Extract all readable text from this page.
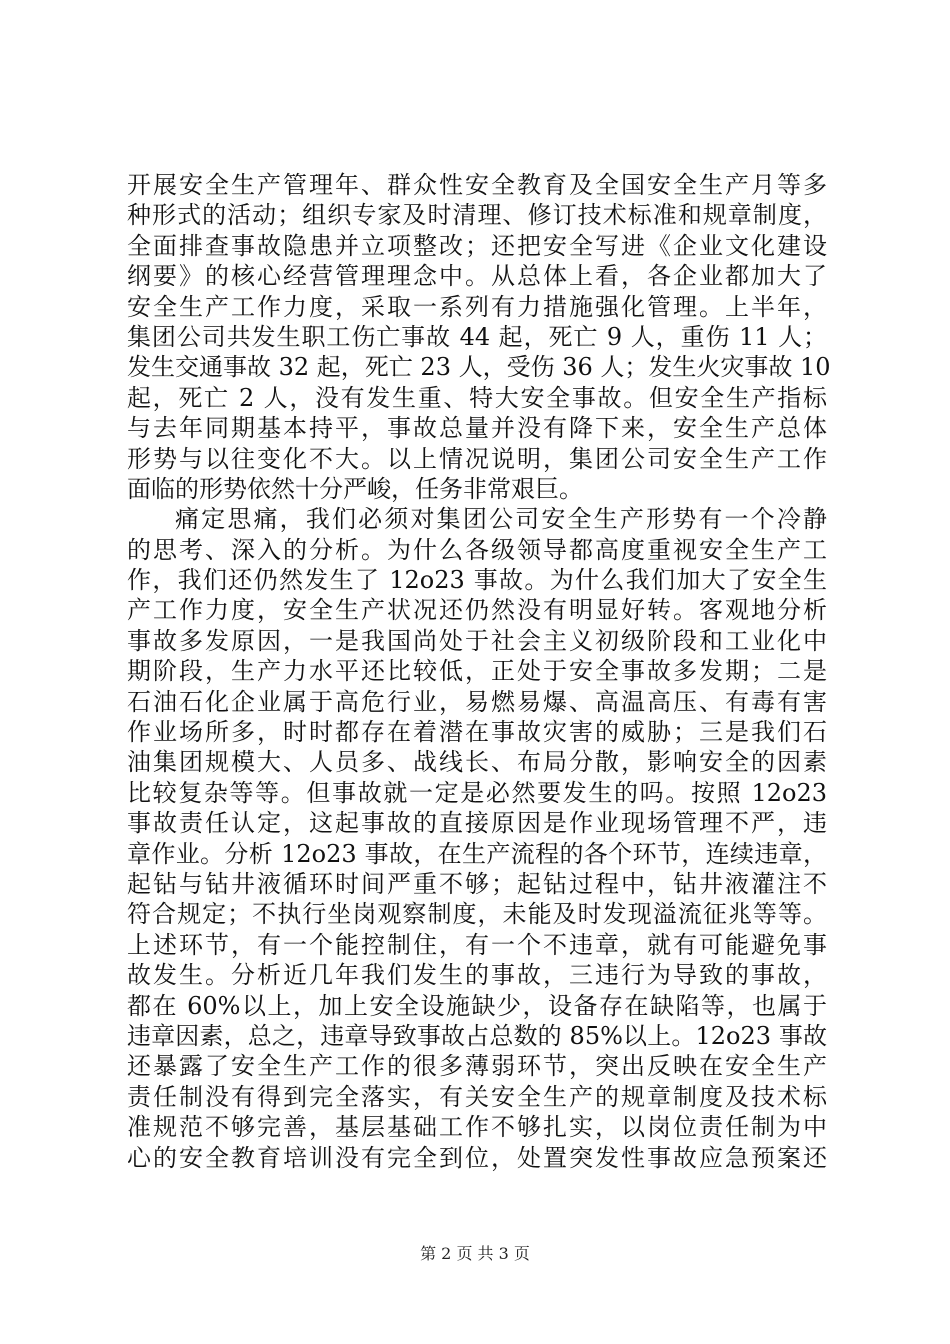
开展安全生产管理年、群众性安全教育及全国安全生产月等多
种形式的活动；组织专家及时清理、修订技术标准和规章制度，
全面排查事故隐患并立项整改；还把安全写进《企业文化建设
纲要》的核心经营管理理念中。从总体上看，各企业都加大了
安全生产工作力度，采取一系列有力措施强化管理。上半年，
集团公司共发生职工伤亡事故 44 起，死亡 9 人，重伤 11 人；
发生交通事故 32 起，死亡 23 人，受伤 36 人；发生火灾事故 10
起，死亡 2 人，没有发生重、特大安全事故。但安全生产指标
与去年同期基本持平，事故总量并没有降下来，安全生产总体
形势与以往变化不大。以上情况说明，集团公司安全生产工作
面临的形势依然十分严峻，任务非常艰巨。
痛定思痛，我们必须对集团公司安全生产形势有一个冷静
的思考、深入的分析。为什么各级领导都高度重视安全生产工
作，我们还仍然发生了 12o23 事故。为什么我们加大了安全生
产工作力度，安全生产状况还仍然没有明显好转。客观地分析
事故多发原因，一是我国尚处于社会主义初级阶段和工业化中
期阶段，生产力水平还比较低，正处于安全事故多发期；二是
石油石化企业属于高危行业，易燃易爆、高温高压、有毒有害
作业场所多，时时都存在着潜在事故灾害的威胁；三是我们石
油集团规模大、人员多、战线长、布局分散，影响安全的因素
比较复杂等等。但事故就一定是必然要发生的吗。按照 12o23
事故责任认定，这起事故的直接原因是作业现场管理不严，违
章作业。分析 12o23 事故，在生产流程的各个环节，连续违章，
起钻与钻井液循环时间严重不够；起钻过程中，钻井液灌注不
符合规定；不执行坐岗观察制度，未能及时发现溢流征兆等等。
上述环节，有一个能控制住，有一个不违章，就有可能避免事
故发生。分析近几年我们发生的事故，三违行为导致的事故，
都在 60%以上，加上安全设施缺少，设备存在缺陷等，也属于
违章因素，总之，违章导致事故占总数的 85%以上。12o23 事故
还暴露了安全生产工作的很多薄弱环节，突出反映在安全生产
责任制没有得到完全落实，有关安全生产的规章制度及技术标
准规范不够完善，基层基础工作不够扎实，以岗位责任制为中
心的安全教育培训没有完全到位，处置突发性事故应急预案还
第 2 页 共 3 页
